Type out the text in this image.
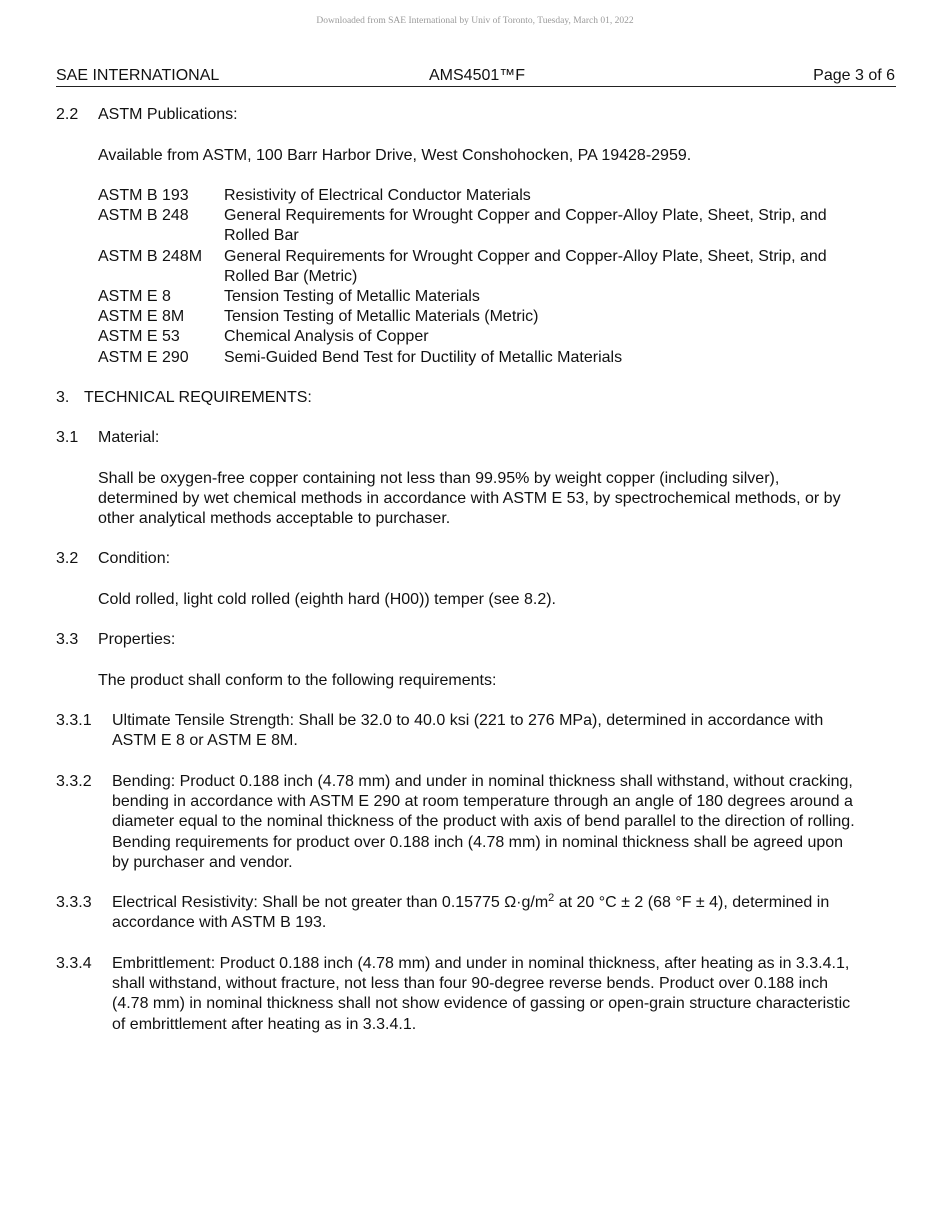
Downloaded from SAE International by Univ of Toronto, Tuesday, March 01, 2022
SAE INTERNATIONAL	AMS4501™F	Page 3 of 6
2.2 ASTM Publications:
Available from ASTM, 100 Barr Harbor Drive, West Conshohocken, PA 19428-2959.
ASTM B 193	Resistivity of Electrical Conductor Materials
ASTM B 248	General Requirements for Wrought Copper and Copper-Alloy Plate, Sheet, Strip, and Rolled Bar
ASTM B 248M	General Requirements for Wrought Copper and Copper-Alloy Plate, Sheet, Strip, and Rolled Bar (Metric)
ASTM E 8	Tension Testing of Metallic Materials
ASTM E 8M	Tension Testing of Metallic Materials (Metric)
ASTM E 53	Chemical Analysis of Copper
ASTM E 290	Semi-Guided Bend Test for Ductility of Metallic Materials
3. TECHNICAL REQUIREMENTS:
3.1 Material:
Shall be oxygen-free copper containing not less than 99.95% by weight copper (including silver), determined by wet chemical methods in accordance with ASTM E 53, by spectrochemical methods, or by other analytical methods acceptable to purchaser.
3.2 Condition:
Cold rolled, light cold rolled (eighth hard (H00)) temper (see 8.2).
3.3 Properties:
The product shall conform to the following requirements:
3.3.1	Ultimate Tensile Strength: Shall be 32.0 to 40.0 ksi (221 to 276 MPa), determined in accordance with ASTM E 8 or ASTM E 8M.
3.3.2	Bending: Product 0.188 inch (4.78 mm) and under in nominal thickness shall withstand, without cracking, bending in accordance with ASTM E 290 at room temperature through an angle of 180 degrees around a diameter equal to the nominal thickness of the product with axis of bend parallel to the direction of rolling. Bending requirements for product over 0.188 inch (4.78 mm) in nominal thickness shall be agreed upon by purchaser and vendor.
3.3.3	Electrical Resistivity: Shall be not greater than 0.15775 $\Omega\cdot g/m^2$ at 20 °C ± 2 (68 °F ± 4), determined in accordance with ASTM B 193.
3.3.4	Embrittlement: Product 0.188 inch (4.78 mm) and under in nominal thickness, after heating as in 3.3.4.1, shall withstand, without fracture, not less than four 90-degree reverse bends. Product over 0.188 inch (4.78 mm) in nominal thickness shall not show evidence of gassing or open-grain structure characteristic of embrittlement after heating as in 3.3.4.1.
